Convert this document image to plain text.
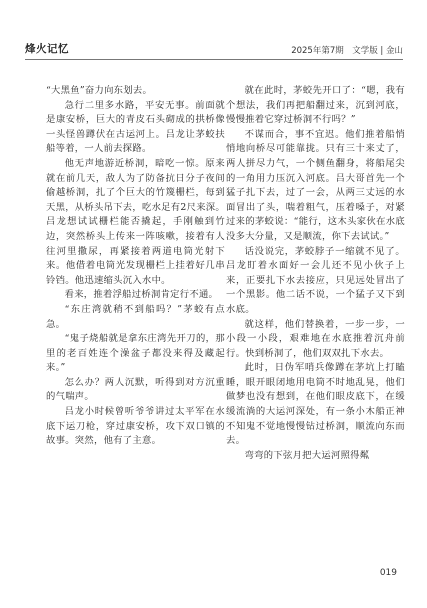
烽火记忆	2025年第7期　文学版 | 金山

“大黑鱼”奋力向东划去。

急行二里多水路，平安无事。前面就是康安桥，巨大的青皮石头砌成的拱桥像一头怪兽蹲伏在古运河上。吕龙让茅蛟扶船等着，一人前去探路。

他无声地游近桥洞，暗吃一惊。原来就在前几天，敌人为了防备抗日分子夜间偷越桥洞，扎了个巨大的竹篾栅栏，每到天黑，从桥头吊下去，吃水足有2尺来深。吕龙想试试栅栏能否撬起，手刚触到竹边，突然桥头上传来一阵咳嗽，接着有人往河里撒尿，再紧接着两道电筒光射下来。他借着电筒光发现栅栏上挂着好几串铃铛。他迅速缩头沉入水中。

看来，推着浮船过桥洞肯定行不通。

“东庄湾就稍不到船吗？”茅蛟有点急。

“鬼子烧船就是拿东庄湾先开刀的，那里的老百姓连个澡盆子都没来得及藏起来。”

怎么办？两人沉默，听得到对方沉重的气喘声。

吕龙小时候曾听爷爷讲过太平军在水底下运刀枪，穿过康安桥，攻下双口镇的故事。突然，他有了主意。

就在此时，茅蛟先开口了：“嗯，我有个想法，我们再把船翻过来，沉到河底，慢慢推着它穿过桥洞不行吗？”

不谋而合，事不宜迟。他们推着船悄悄地向桥尽可能靠拢。只有三十来丈了，两人拼尽力气，一个侧鱼翻身，将船尾尖的一角用力压沉入河底。吕大哥首先一个猛子扎下去，过了一会，从两三丈远的水面冒出了头，喘着粗气，压着嗓子，对紧过来的茅蛟说：“能行，这木头家伙在水底没多大分量，又是顺流，你下去试试。”

话没说完，茅蛟脖子一缩就不见了。吕龙盯着水面好一会儿还不见小伙子上来，正要扎下水去接应，只见远处冒出了一个黑影。他二话不说，一个猛子又下到水底。

就这样，他们替换着，一步一步，一小段一小段，艰难地在水底推着沉舟前行。快到桥洞了，他们双双扎下水去。

此时，日伪军哨兵像蹲在茅坑上打瞌睡，眼开眼闭地用电筒不时地乱晃，他们做梦也没有想到，在他们眼皮底下，在缓缓流淌的大运河深处，有一条小木船正神不知鬼不觉地慢慢钻过桥洞，顺流向东而去。

弯弯的下弦月把大运河照得粼

019
